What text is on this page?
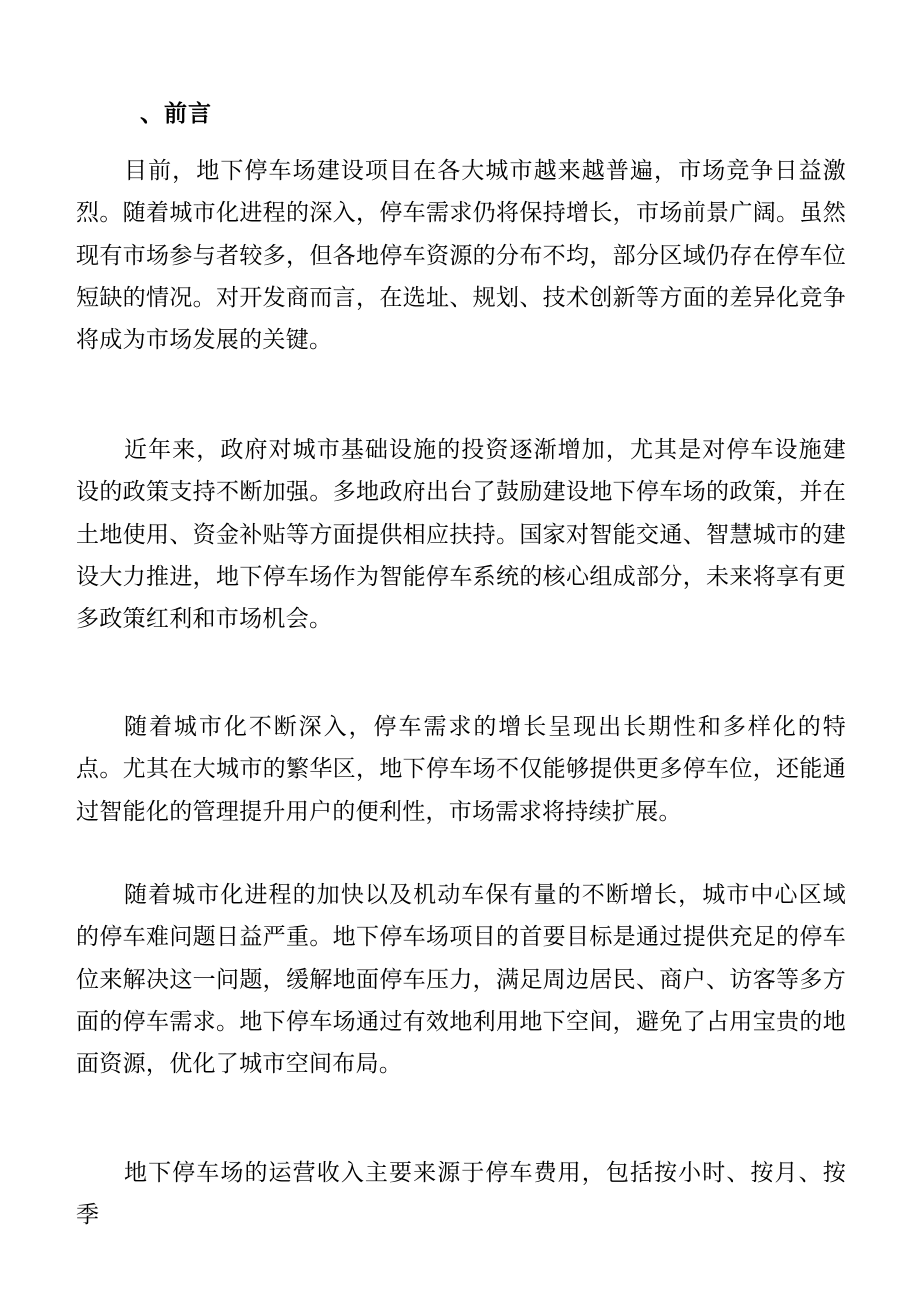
、前言

目前，地下停车场建设项目在各大城市越来越普遍，市场竞争日益激烈。随着城市化进程的深入，停车需求仍将保持增长，市场前景广阔。虽然现有市场参与者较多，但各地停车资源的分布不均，部分区域仍存在停车位短缺的情况。对开发商而言，在选址、规划、技术创新等方面的差异化竞争将成为市场发展的关键。

近年来，政府对城市基础设施的投资逐渐增加，尤其是对停车设施建设的政策支持不断加强。多地政府出台了鼓励建设地下停车场的政策，并在土地使用、资金补贴等方面提供相应扶持。国家对智能交通、智慧城市的建设大力推进，地下停车场作为智能停车系统的核心组成部分，未来将享有更多政策红利和市场机会。

随着城市化不断深入，停车需求的增长呈现出长期性和多样化的特点。尤其在大城市的繁华区，地下停车场不仅能够提供更多停车位，还能通过智能化的管理提升用户的便利性，市场需求将持续扩展。

随着城市化进程的加快以及机动车保有量的不断增长，城市中心区域的停车难问题日益严重。地下停车场项目的首要目标是通过提供充足的停车位来解决这一问题，缓解地面停车压力，满足周边居民、商户、访客等多方面的停车需求。地下停车场通过有效地利用地下空间，避免了占用宝贵的地面资源，优化了城市空间布局。

地下停车场的运营收入主要来源于停车费用，包括按小时、按月、按季
